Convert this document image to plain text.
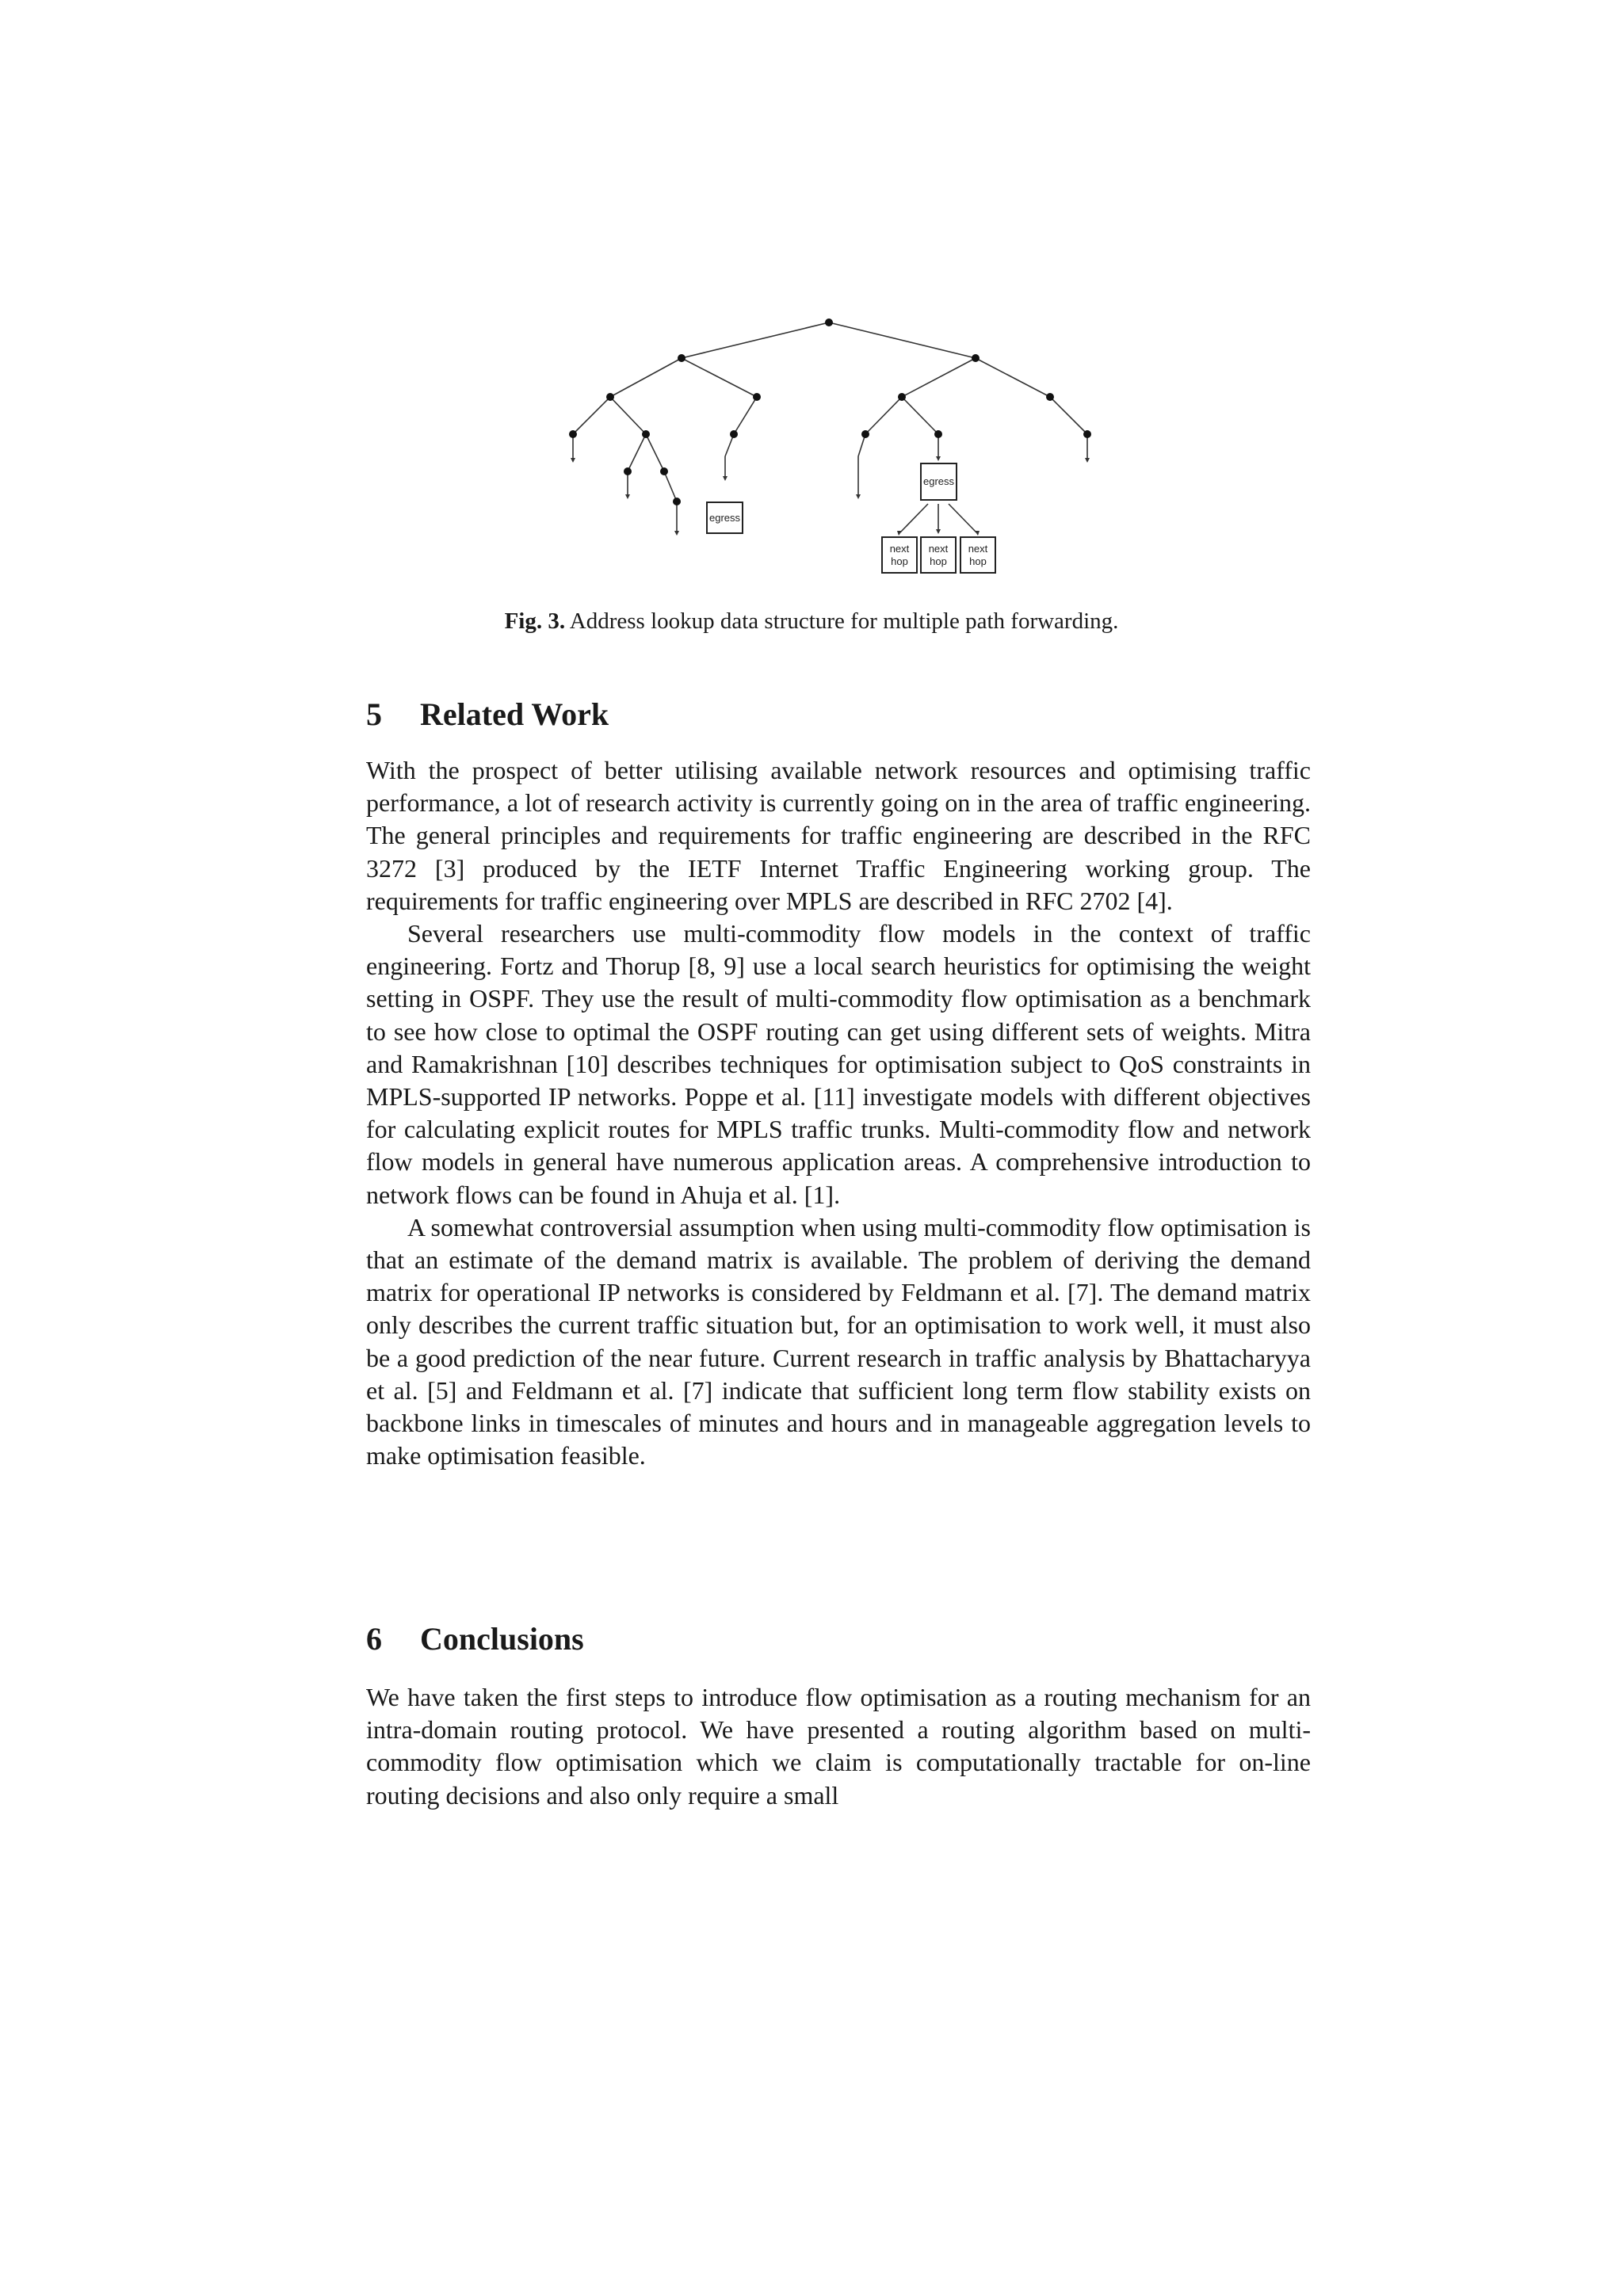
egress
egress
next
hop
next
hop
next
hop
Fig. 3. Address lookup data structure for multiple path forwarding.
5 Related Work

With the prospect of better utilising available network resources and optimising traffic performance, a lot of research activity is currently going on in the area of traffic engineering. The general principles and requirements for traffic engineering are described in the RFC 3272 [3] produced by the IETF Internet Traffic Engineering working group. The requirements for traffic engineering over MPLS are described in RFC 2702 [4].

Several researchers use multi-commodity flow models in the context of traffic engineering. Fortz and Thorup [8, 9] use a local search heuristics for optimising the weight setting in OSPF. They use the result of multi-commodity flow optimisation as a benchmark to see how close to optimal the OSPF routing can get using different sets of weights. Mitra and Ramakrishnan [10] describes techniques for optimisation subject to QoS constraints in MPLS-supported IP networks. Poppe et al. [11] investigate models with different objectives for calculating explicit routes for MPLS traffic trunks. Multi-commodity flow and network flow models in general have numerous application areas. A comprehensive introduction to network flows can be found in Ahuja et al. [1].

A somewhat controversial assumption when using multi-commodity flow optimisation is that an estimate of the demand matrix is available. The problem of deriving the demand matrix for operational IP networks is considered by Feldmann et al. [7]. The demand matrix only describes the current traffic situation but, for an optimisation to work well, it must also be a good prediction of the near future. Current research in traffic analysis by Bhattacharyya et al. [5] and Feldmann et al. [7] indicate that sufficient long term flow stability exists on backbone links in timescales of minutes and hours and in manageable aggregation levels to make optimisation feasible.

6 Conclusions

We have taken the first steps to introduce flow optimisation as a routing mechanism for an intra-domain routing protocol. We have presented a routing algorithm based on multi-commodity flow optimisation which we claim is computationally tractable for on-line routing decisions and also only require a small
